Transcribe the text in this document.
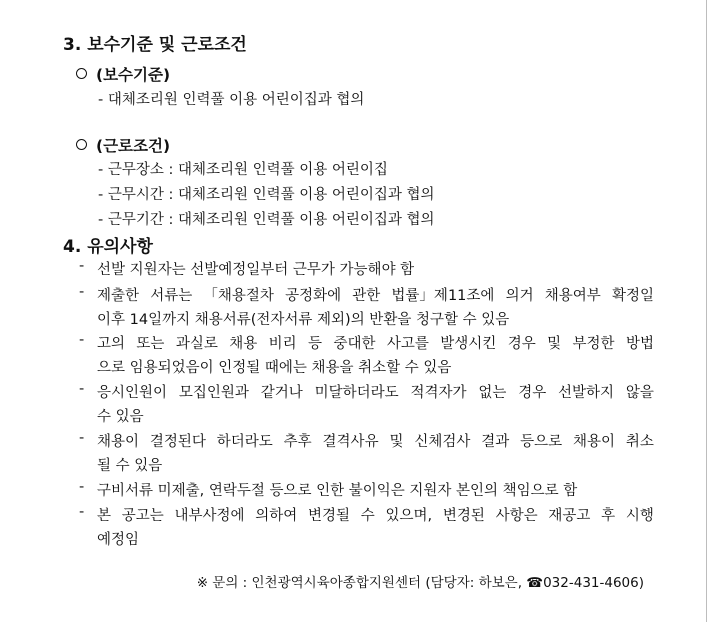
3. 보수기준 및 근로조건
(보수기준)
- 대체조리원 인력풀 이용 어린이집과 협의
(근로조건)
- 근무장소 : 대체조리원 인력풀 이용 어린이집
- 근무시간 : 대체조리원 인력풀 이용 어린이집과 협의
- 근무기간 : 대체조리원 인력풀 이용 어린이집과 협의
4. 유의사항
- 선발 지원자는 선발예정일부터 근무가 가능해야 함
- 제출한 서류는 「채용절차 공정화에 관한 법률」제11조에 의거 채용여부 확정일
이후 14일까지 채용서류(전자서류 제외)의 반환을 청구할 수 있음
- 고의 또는 과실로 채용 비리 등 중대한 사고를 발생시킨 경우 및 부정한 방법
으로 임용되었음이 인정될 때에는 채용을 취소할 수 있음
- 응시인원이 모집인원과 같거나 미달하더라도 적격자가 없는 경우 선발하지 않을
수 있음
- 채용이 결정된다 하더라도 추후 결격사유 및 신체검사 결과 등으로 채용이 취소
될 수 있음
- 구비서류 미제출, 연락두절 등으로 인한 불이익은 지원자 본인의 책임으로 함
- 본 공고는 내부사정에 의하여 변경될 수 있으며, 변경된 사항은 재공고 후 시행
예정임
※ 문의 : 인천광역시육아종합지원센터 (담당자: 하보은, ☎032-431-4606)
